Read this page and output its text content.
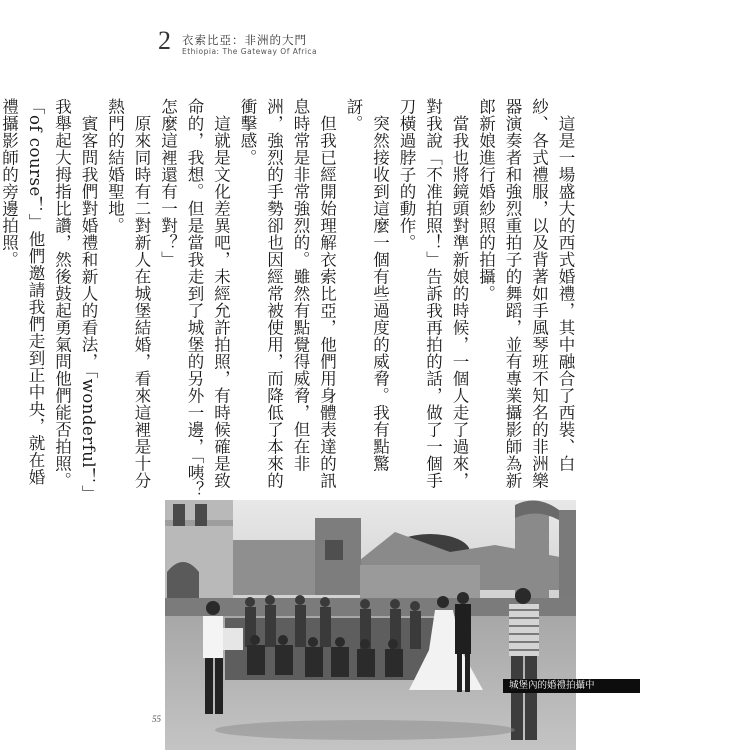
2 衣索比亞：非洲的大門
Ethiopia: The Gateway Of Africa

這是一場盛大的西式婚禮，其中融合了西裝、白紗、各式禮服，以及背著如手風琴班不知名的非洲樂器演奏者和強烈重拍子的舞蹈，並有專業攝影師為新郎新娘進行婚紗照的拍攝。

當我也將鏡頭對準新娘的時候，一個人走了過來，對我說「不准拍照！」告訴我再拍的話，做了一個手刀橫過脖子的動作。

突然接收到這麼一個有些過度的威脅。我有點驚訝。

但我已經開始理解衣索比亞，他們用身體表達的訊息時常是非常強烈的。雖然有點覺得威脅，但在非洲，強烈的手勢卻也因經常被使用，而降低了本來的衝擊感。

這就是文化差異吧，未經允許拍照，有時候確是致命的，我想。但是當我走到了城堡的另外一邊，「咦？怎麼這裡還有一對？」

原來同時有二對新人在城堡結婚，看來這裡是十分熱門的結婚聖地。

賓客問我們對婚禮和新人的看法，「wonderful！」我舉起大拇指比讚，然後鼓起勇氣問他們能否拍照。「of course！」他們邀請我們走到正中央，就在婚禮攝影師的旁邊拍照。

城堡內的婚禮拍攝中
55
